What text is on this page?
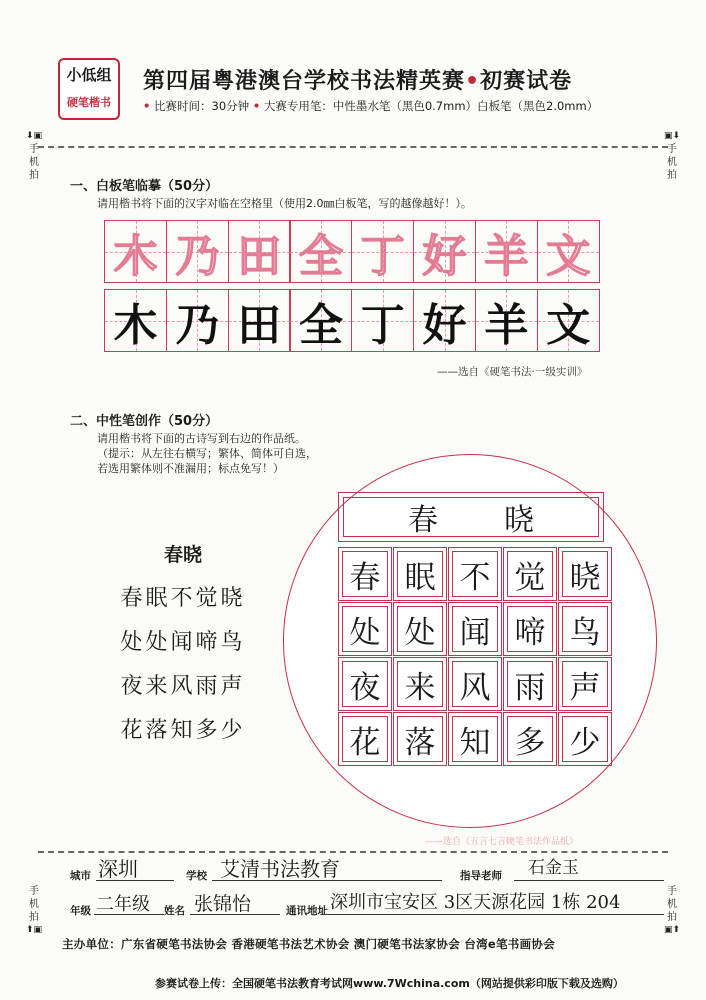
小低组
硬笔楷书
第四届粤港澳台学校书法精英赛•初赛试卷
• 比赛时间：30分钟 • 大赛专用笔：中性墨水笔（黑色0.7mm）白板笔（黑色2.0mm）
⬇▣
手机拍
▣⬇
手机拍
手机拍
⬆▣
手机拍
▣⬆
一、白板笔临摹（50分）
请用楷书将下面的汉字对临在空格里（使用2.0㎜白板笔，写的越像越好！）。
木 乃 田 全 丁 好 羊 文
木 乃 田 全 丁 好 羊 文
——选自《硬笔书法·一级实训》
二、中性笔创作（50分）
请用楷书将下面的古诗写到右边的作品纸。
（提示：从左往右横写；繁体、简体可自选，
若选用繁体则不准漏用；标点免写！）
春晓
春眠不觉晓
处处闻啼鸟
夜来风雨声
花落知多少
春 晓
春 眠 不 觉 晓
处 处 闻 啼 鸟
夜 来 风 雨 声
花 落 知 多 少
——选自《五言七言硬笔书法作品纸》
城市 深圳	学校 艾清书法教育	指导老师 石金玉
年级 二年级 姓名 张锦怡	通讯地址 深圳市宝安区 3区天源花园 1栋 204
主办单位：广东省硬笔书法协会 香港硬笔书法艺术协会 澳门硬笔书法家协会 台湾e笔书画协会
参赛试卷上传：全国硬笔书法教育考试网www.7Wchina.com（网站提供彩印版下载及选购）
